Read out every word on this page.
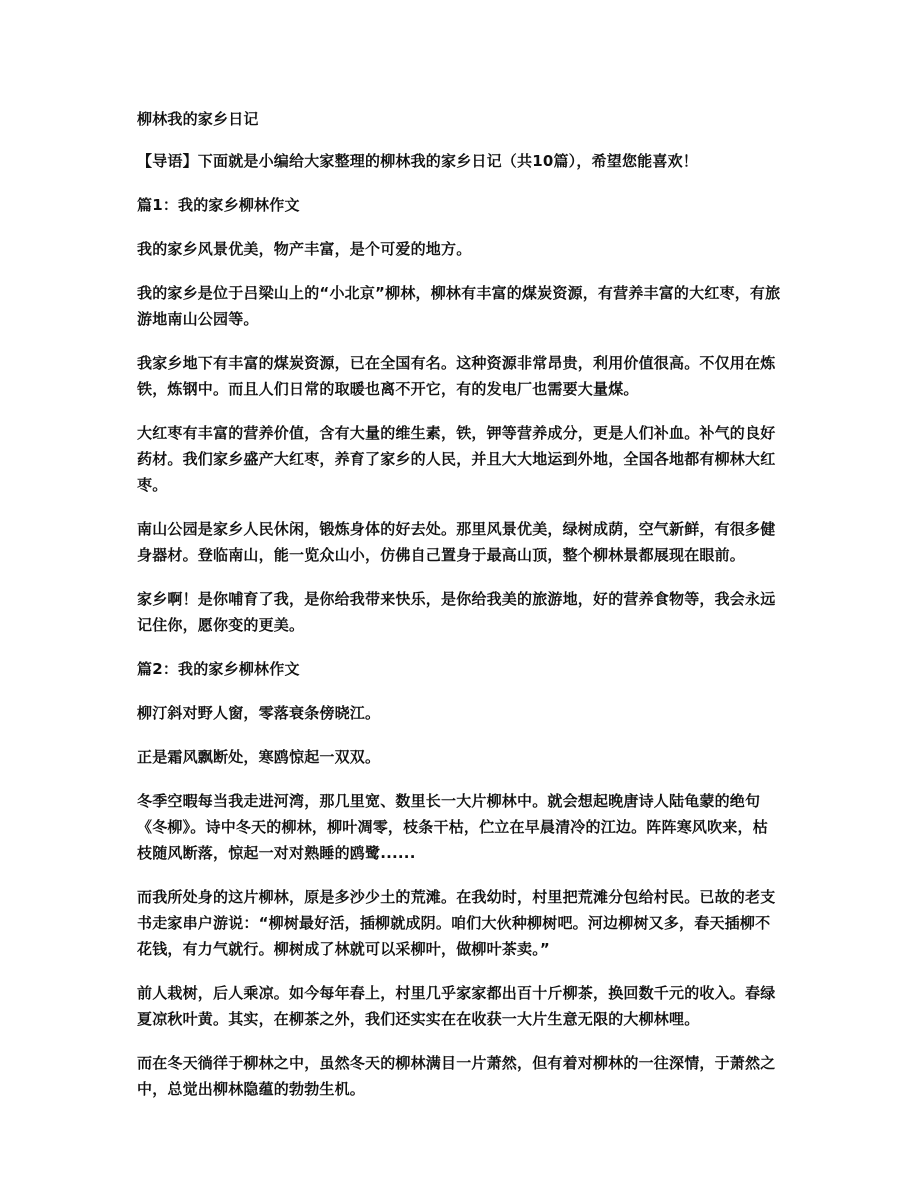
柳林我的家乡日记

【导语】下面就是小编给大家整理的柳林我的家乡日记（共10篇），希望您能喜欢！

篇1：我的家乡柳林作文

我的家乡风景优美，物产丰富，是个可爱的地方。

我的家乡是位于吕梁山上的“小北京”柳林，柳林有丰富的煤炭资源，有营养丰富的大红枣，有旅游地南山公园等。

我家乡地下有丰富的煤炭资源，已在全国有名。这种资源非常昂贵，利用价值很高。不仅用在炼铁，炼钢中。而且人们日常的取暖也离不开它，有的发电厂也需要大量煤。

大红枣有丰富的营养价值，含有大量的维生素，铁，钾等营养成分，更是人们补血。补气的良好药材。我们家乡盛产大红枣，养育了家乡的人民，并且大大地运到外地，全国各地都有柳林大红枣。

南山公园是家乡人民休闲，锻炼身体的好去处。那里风景优美，绿树成荫，空气新鲜，有很多健身器材。登临南山，能一览众山小，仿佛自己置身于最高山顶，整个柳林景都展现在眼前。

家乡啊！是你哺育了我，是你给我带来快乐，是你给我美的旅游地，好的营养食物等，我会永远记住你，愿你变的更美。

篇2：我的家乡柳林作文

柳汀斜对野人窗，零落衰条傍晓江。

正是霜风飘断处，寒鸥惊起一双双。

冬季空暇每当我走进河湾，那几里宽、数里长一大片柳林中。就会想起晚唐诗人陆龟蒙的绝句《冬柳》。诗中冬天的柳林，柳叶凋零，枝条干枯，伫立在早晨清冷的江边。阵阵寒风吹来，枯枝随风断落，惊起一对对熟睡的鸥鹭......

而我所处身的这片柳林，原是多沙少土的荒滩。在我幼时，村里把荒滩分包给村民。已故的老支书走家串户游说：“柳树最好活，插柳就成阴。咱们大伙种柳树吧。河边柳树又多，春天插柳不花钱，有力气就行。柳树成了林就可以采柳叶，做柳叶茶卖。”

前人栽树，后人乘凉。如今每年春上，村里几乎家家都出百十斤柳茶，换回数千元的收入。春绿夏凉秋叶黄。其实，在柳茶之外，我们还实实在在收获一大片生意无限的大柳林哩。

而在冬天徜徉于柳林之中，虽然冬天的柳林满目一片萧然，但有着对柳林的一往深情，于萧然之中，总觉出柳林隐蕴的勃勃生机。
